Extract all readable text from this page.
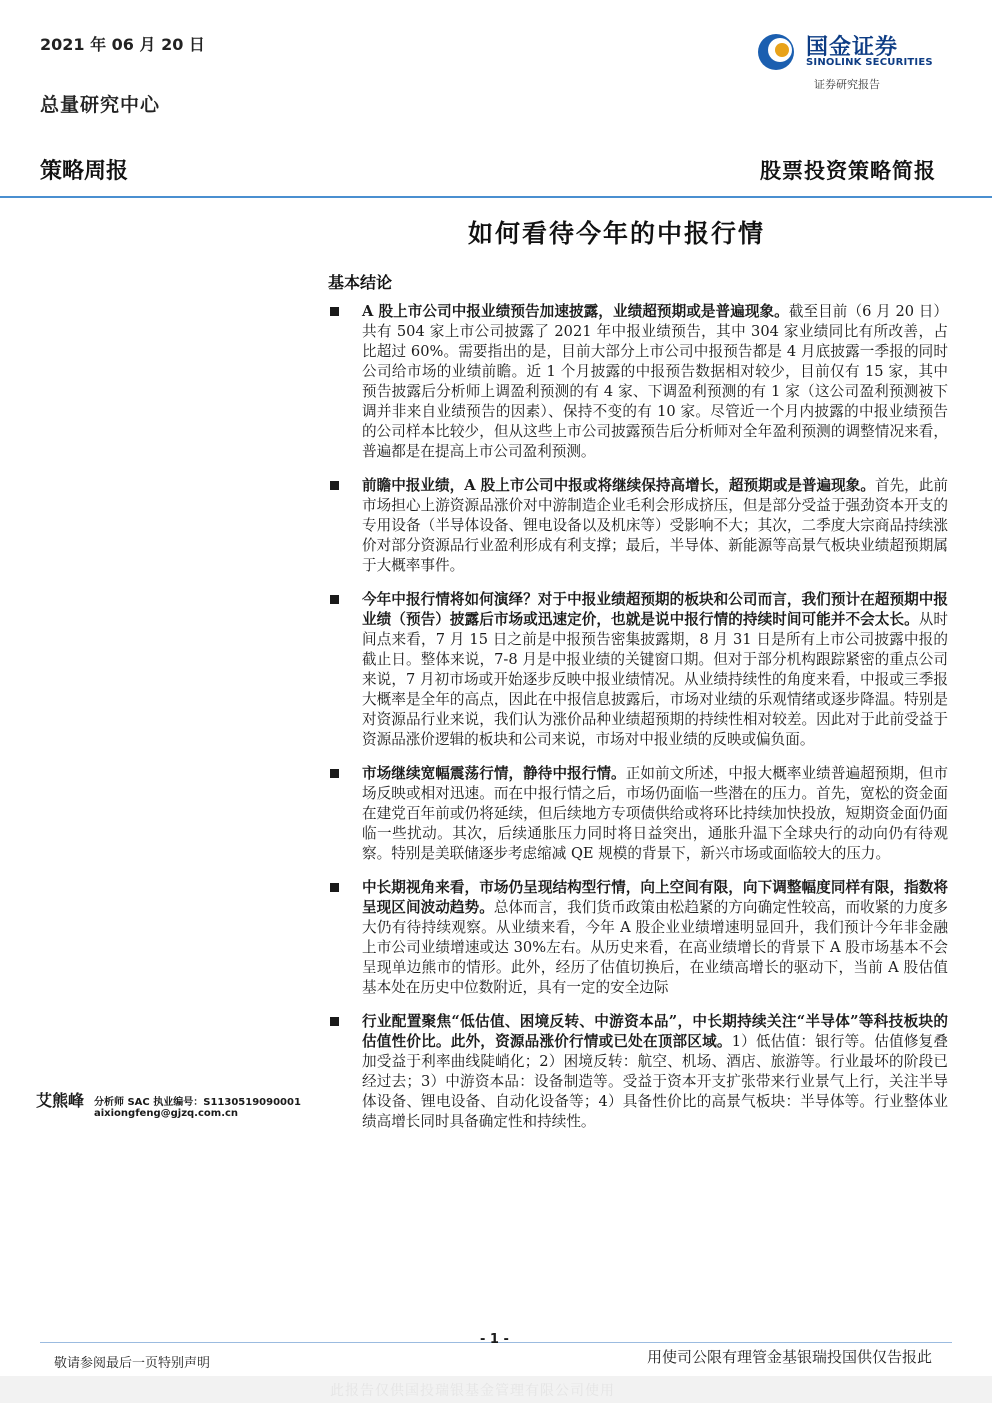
2021 年 06 月 20 日
总量研究中心
国金证券
SINOLINK SECURITIES
证券研究报告
策略周报	股票投资策略简报
如何看待今年的中报行情
基本结论
A 股上市公司中报业绩预告加速披露，业绩超预期或是普遍现象。截至目前（6 月 20 日）共有 504 家上市公司披露了 2021 年中报业绩预告，其中 304 家业绩同比有所改善，占比超过 60%。需要指出的是，目前大部分上市公司中报预告都是 4 月底披露一季报的同时公司给市场的业绩前瞻。近 1 个月披露的中报预告数据相对较少，目前仅有 15 家，其中预告披露后分析师上调盈利预测的有 4 家、下调盈利预测的有 1 家（这公司盈利预测被下调并非来自业绩预告的因素）、保持不变的有 10 家。尽管近一个月内披露的中报业绩预告的公司样本比较少，但从这些上市公司披露预告后分析师对全年盈利预测的调整情况来看，普遍都是在提高上市公司盈利预测。
前瞻中报业绩，A 股上市公司中报或将继续保持高增长，超预期或是普遍现象。首先，此前市场担心上游资源品涨价对中游制造企业毛利会形成挤压，但是部分受益于强劲资本开支的专用设备（半导体设备、锂电设备以及机床等）受影响不大；其次，二季度大宗商品持续涨价对部分资源品行业盈利形成有利支撑；最后，半导体、新能源等高景气板块业绩超预期属于大概率事件。
今年中报行情将如何演绎？对于中报业绩超预期的板块和公司而言，我们预计在超预期中报业绩（预告）披露后市场或迅速定价，也就是说中报行情的持续时间可能并不会太长。从时间点来看，7 月 15 日之前是中报预告密集披露期，8 月 31 日是所有上市公司披露中报的截止日。整体来说，7-8 月是中报业绩的关键窗口期。但对于部分机构跟踪紧密的重点公司来说，7 月初市场或开始逐步反映中报业绩情况。从业绩持续性的角度来看，中报或三季报大概率是全年的高点，因此在中报信息披露后，市场对业绩的乐观情绪或逐步降温。特别是对资源品行业来说，我们认为涨价品种业绩超预期的持续性相对较差。因此对于此前受益于资源品涨价逻辑的板块和公司来说，市场对中报业绩的反映或偏负面。
市场继续宽幅震荡行情，静待中报行情。正如前文所述，中报大概率业绩普遍超预期，但市场反映或相对迅速。而在中报行情之后，市场仍面临一些潜在的压力。首先，宽松的资金面在建党百年前或仍将延续，但后续地方专项债供给或将环比持续加快投放，短期资金面仍面临一些扰动。其次，后续通胀压力同时将日益突出，通胀升温下全球央行的动向仍有待观察。特别是美联储逐步考虑缩减 QE 规模的背景下，新兴市场或面临较大的压力。
中长期视角来看，市场仍呈现结构型行情，向上空间有限，向下调整幅度同样有限，指数将呈现区间波动趋势。总体而言，我们货币政策由松趋紧的方向确定性较高，而收紧的力度多大仍有待持续观察。从业绩来看，今年 A 股企业业绩增速明显回升，我们预计今年非金融上市公司业绩增速或达 30%左右。从历史来看，在高业绩增长的背景下 A 股市场基本不会呈现单边熊市的情形。此外，经历了估值切换后，在业绩高增长的驱动下，当前 A 股估值基本处在历史中位数附近，具有一定的安全边际
行业配置聚焦“低估值、困境反转、中游资本品”，中长期持续关注“半导体”等科技板块的估值性价比。此外，资源品涨价行情或已处在顶部区域。1）低估值：银行等。估值修复叠加受益于利率曲线陡峭化；2）困境反转：航空、机场、酒店、旅游等。行业最坏的阶段已经过去；3）中游资本品：设备制造等。受益于资本开支扩张带来行业景气上行，关注半导体设备、锂电设备、自动化设备等；4）具备性价比的高景气板块：半导体等。行业整体业绩高增长同时具备确定性和持续性。
艾熊峰 分析师 SAC 执业编号：S1130519090001
aixiongfeng@gjzq.com.cn
- 1 -
敬请参阅最后一页特别声明	用使司公限有理管金基银瑞投国供仅告报此
此报告仅供国投瑞银基金管理有限公司使用
